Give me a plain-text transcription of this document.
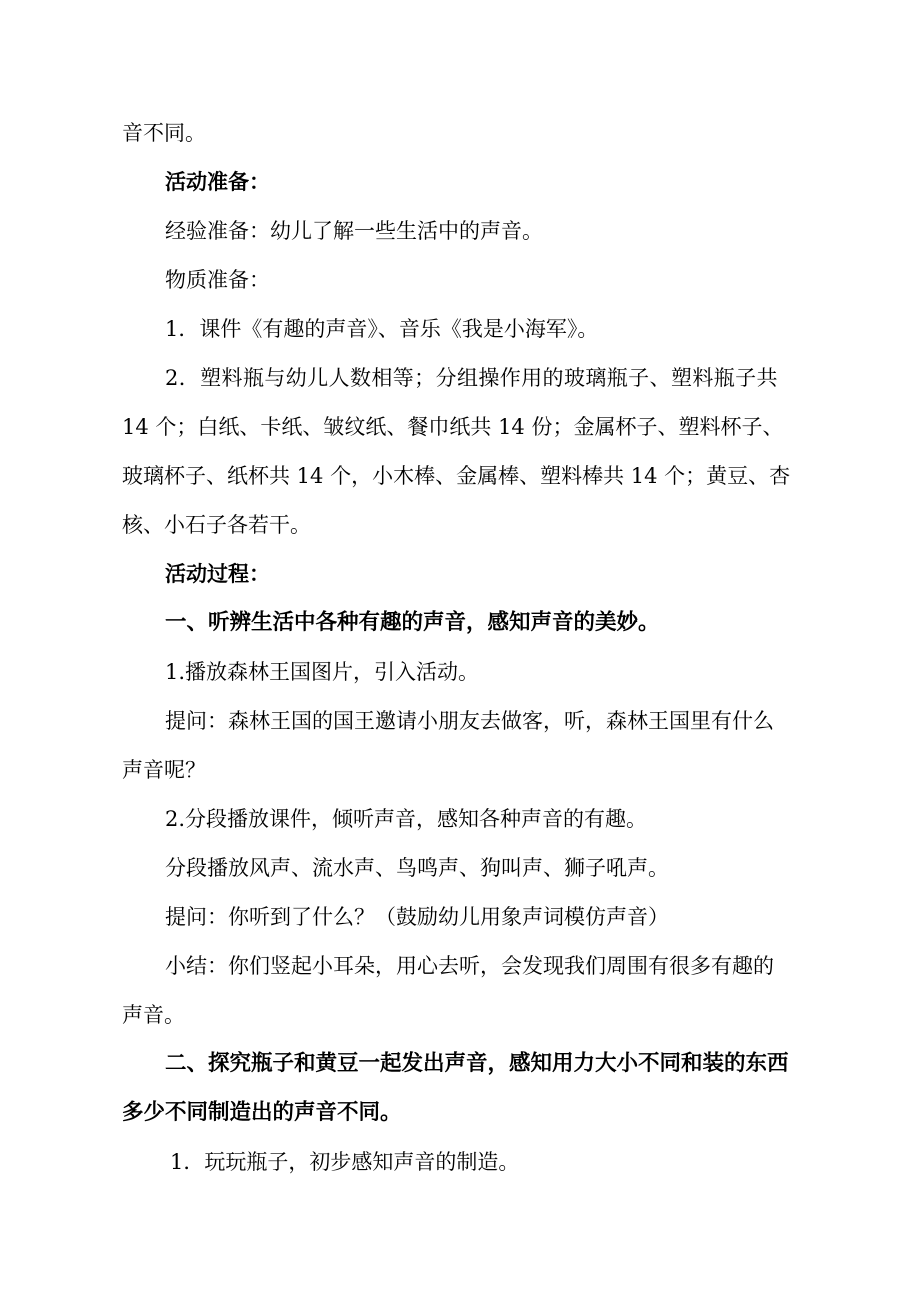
音不同。
活动准备：
经验准备：幼儿了解一些生活中的声音。
物质准备：
1．课件《有趣的声音》、音乐《我是小海军》。
2．塑料瓶与幼儿人数相等；分组操作用的玻璃瓶子、塑料瓶子共
14 个；白纸、卡纸、皱纹纸、餐巾纸共 14 份；金属杯子、塑料杯子、
玻璃杯子、纸杯共 14 个，小木棒、金属棒、塑料棒共 14 个；黄豆、杏
核、小石子各若干。
活动过程：
一、听辨生活中各种有趣的声音，感知声音的美妙。
1.播放森林王国图片，引入活动。
提问：森林王国的国王邀请小朋友去做客，听，森林王国里有什么
声音呢？
2.分段播放课件，倾听声音，感知各种声音的有趣。
分段播放风声、流水声、鸟鸣声、狗叫声、狮子吼声。
提问：你听到了什么？（鼓励幼儿用象声词模仿声音）
小结：你们竖起小耳朵，用心去听，会发现我们周围有很多有趣的
声音。
二、探究瓶子和黄豆一起发出声音，感知用力大小不同和装的东西
多少不同制造出的声音不同。
1．玩玩瓶子，初步感知声音的制造。
